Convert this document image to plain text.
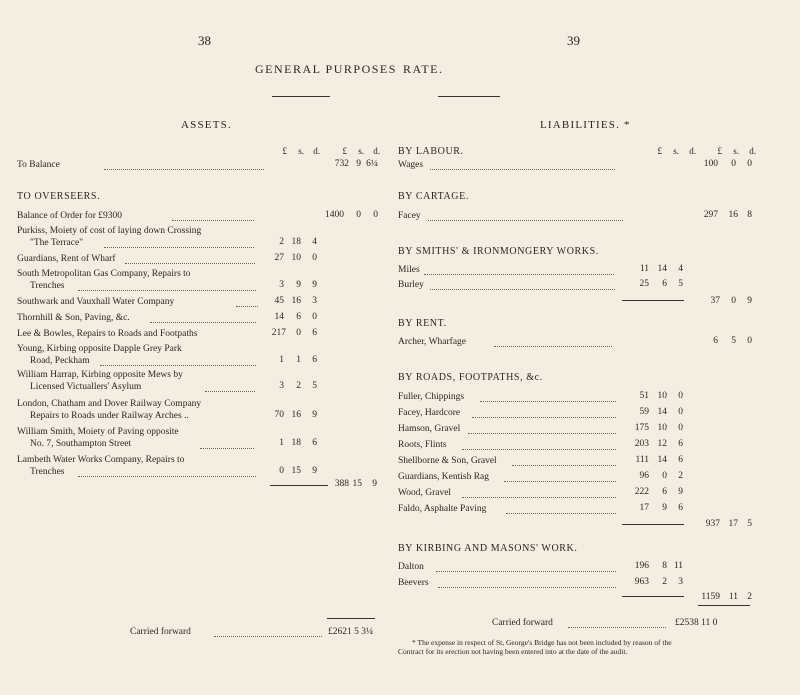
38	39
GENERAL PURPOSES RATE.
ASSETS.
£	s.	d.	£	s.	d.
To Balance	732 9 6¼
TO OVERSEERS.
Balance of Order for £9300	1400	0	0
Purkiss, Moiety of cost of laying down Crossing
"The Terrace"	2 18	4
Guardians, Rent of Wharf	27 10	0
South Metropolitan Gas Company, Repairs to
Trenches	3	9	9
Southwark and Vauxhall Water Company	45 16	3
Thornhill & Son, Paving, &c.	14	6	0
Lee & Bowles, Repairs to Roads and Footpaths	217	0	6
Young, Kirbing opposite Dapple Grey Park
Road, Peckham	1	1	6
William Harrap, Kirbing opposite Mews by
Licensed Victuallers' Asylum	3	2	5
London, Chatham and Dover Railway Company
Repairs to Roads under Railway Arches ..	70 16	9
William Smith, Moiety of Paving opposite
No. 7, Southampton Street	1 18	6
Lambeth Water Works Company, Repairs to
Trenches	0 15	9
388 15	9
Carried forward	£2621 5 3¼
LIABILITIES. *
£	s.	d.	£	s.	d.
BY LABOUR.
Wages	100	0	0
BY CARTAGE.
Facey	297	16 8
BY SMITHS' & IRONMONGERY WORKS.
Miles	11 14	4
Burley	25	6	5
37	0	9
BY RENT.
Archer, Wharfage	6	5	0
BY ROADS, FOOTPATHS, &c.
Fuller, Chippings	51 10	0
Facey, Hardcore	59 14	0
Hamson, Gravel	175 10	0
Roots, Flints	203 12	6
Shellborne & Son, Gravel	111 14	6
Guardians, Kentish Rag	96	0	2
Wood, Gravel	222	6	9
Faldo, Asphalte Paving	17	9	6
937 17 5
BY KIRBING AND MASONS' WORK.
Dalton	196	8 11
Beevers	963	2	3
1159 11 2
Carried forward	£2538 11 0
* The expense in respect of St, George's Bridge has not been included by reason of the
Contract for its erection not having been entered into at the date of the audit.
